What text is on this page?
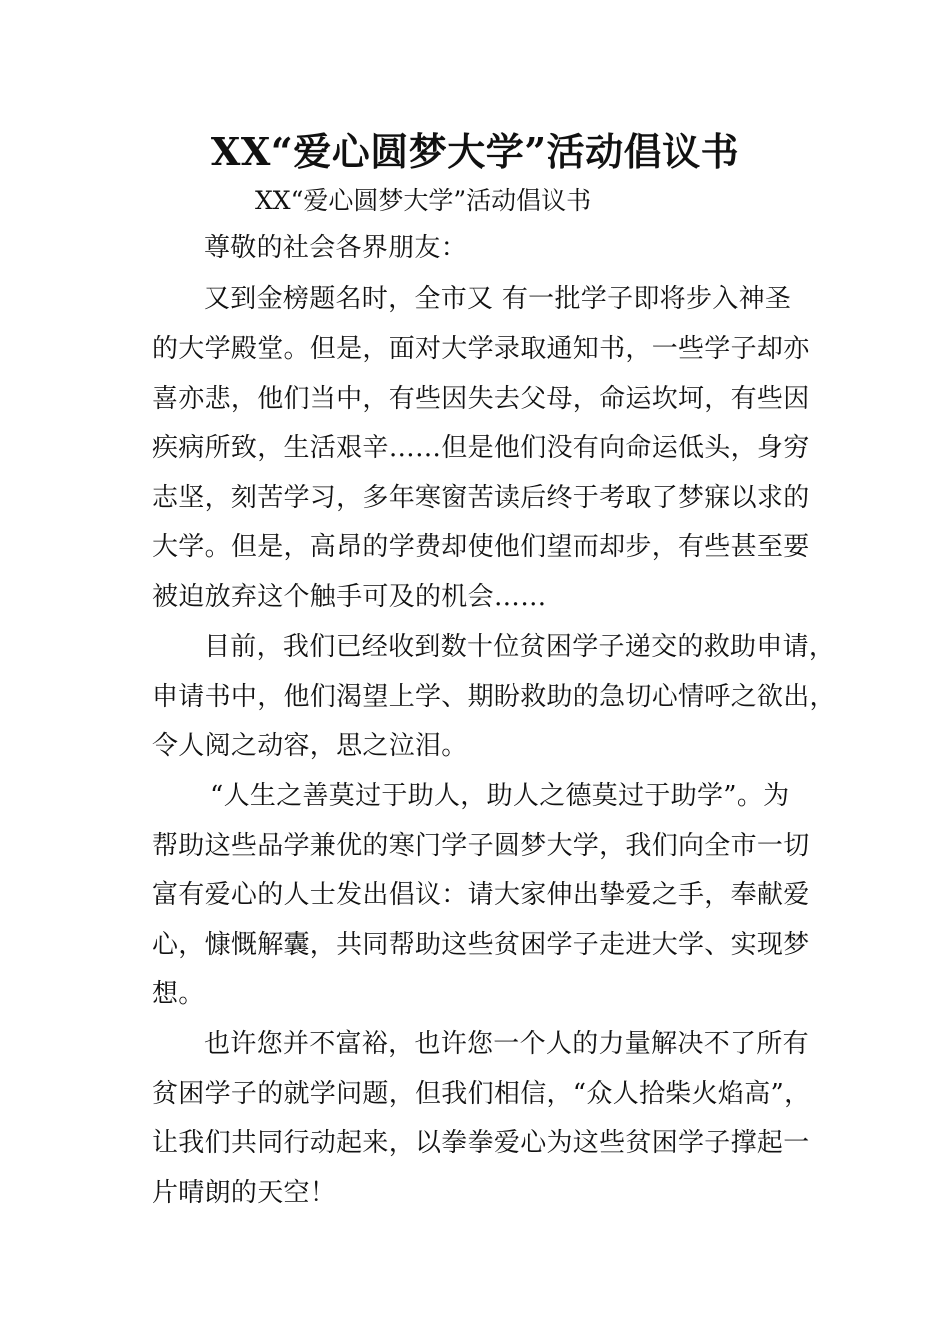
XX“爱心圆梦大学”活动倡议书
XX“爱心圆梦大学”活动倡议书
尊敬的社会各界朋友：
又到金榜题名时，全市又 有一批学子即将步入神圣
的大学殿堂。但是，面对大学录取通知书，一些学子却亦
喜亦悲，他们当中，有些因失去父母，命运坎坷，有些因
疾病所致，生活艰辛……但是他们没有向命运低头，身穷
志坚，刻苦学习，多年寒窗苦读后终于考取了梦寐以求的
大学。但是，高昂的学费却使他们望而却步，有些甚至要
被迫放弃这个触手可及的机会……
目前，我们已经收到数十位贫困学子递交的救助申请，
申请书中，他们渴望上学、期盼救助的急切心情呼之欲出，
令人阅之动容，思之泣泪。
“人生之善莫过于助人，助人之德莫过于助学”。为
帮助这些品学兼优的寒门学子圆梦大学，我们向全市一切
富有爱心的人士发出倡议：请大家伸出挚爱之手，奉献爱
心，慷慨解囊，共同帮助这些贫困学子走进大学、实现梦
想。
也许您并不富裕，也许您一个人的力量解决不了所有
贫困学子的就学问题，但我们相信，“众人拾柴火焰高”，
让我们共同行动起来，以拳拳爱心为这些贫困学子撑起一
片晴朗的天空！
